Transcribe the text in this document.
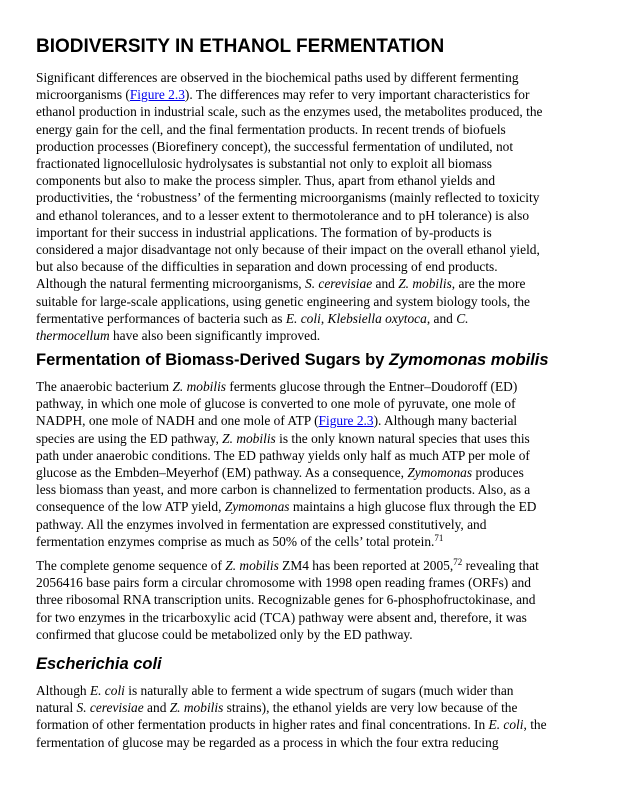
BIODIVERSITY IN ETHANOL FERMENTATION
Significant differences are observed in the biochemical paths used by different fermenting
microorganisms (Figure 2.3). The differences may refer to very important characteristics for
ethanol production in industrial scale, such as the enzymes used, the metabolites produced, the
energy gain for the cell, and the final fermentation products. In recent trends of biofuels
production processes (Biorefinery concept), the successful fermentation of undiluted, not
fractionated lignocellulosic hydrolysates is substantial not only to exploit all biomass
components but also to make the process simpler. Thus, apart from ethanol yields and
productivities, the ‘robustness’ of the fermenting microorganisms (mainly reflected to toxicity
and ethanol tolerances, and to a lesser extent to thermotolerance and to pH tolerance) is also
important for their success in industrial applications. The formation of by-products is
considered a major disadvantage not only because of their impact on the overall ethanol yield,
but also because of the difficulties in separation and down processing of end products.
Although the natural fermenting microorganisms, S. cerevisiae and Z. mobilis, are the more
suitable for large-scale applications, using genetic engineering and system biology tools, the
fermentative performances of bacteria such as E. coli, Klebsiella oxytoca, and C.
thermocellum have also been significantly improved.
Fermentation of Biomass-Derived Sugars by Zymomonas mobilis
The anaerobic bacterium Z. mobilis ferments glucose through the Entner–Doudoroff (ED)
pathway, in which one mole of glucose is converted to one mole of pyruvate, one mole of
NADPH, one mole of NADH and one mole of ATP (Figure 2.3). Although many bacterial
species are using the ED pathway, Z. mobilis is the only known natural species that uses this
path under anaerobic conditions. The ED pathway yields only half as much ATP per mole of
glucose as the Embden–Meyerhof (EM) pathway. As a consequence, Zymomonas produces
less biomass than yeast, and more carbon is channelized to fermentation products. Also, as a
consequence of the low ATP yield, Zymomonas maintains a high glucose flux through the ED
pathway. All the enzymes involved in fermentation are expressed constitutively, and
fermentation enzymes comprise as much as 50% of the cells’ total protein.$^{71}$
The complete genome sequence of Z. mobilis ZM4 has been reported at 2005,72 revealing that
2056416 base pairs form a circular chromosome with 1998 open reading frames (ORFs) and
three ribosomal RNA transcription units. Recognizable genes for 6-phosphofructokinase, and
for two enzymes in the tricarboxylic acid (TCA) pathway were absent and, therefore, it was
confirmed that glucose could be metabolized only by the ED pathway.
Escherichia coli
Although E. coli is naturally able to ferment a wide spectrum of sugars (much wider than
natural S. cerevisiae and Z. mobilis strains), the ethanol yields are very low because of the
formation of other fermentation products in higher rates and final concentrations. In E. coli, the
fermentation of glucose may be regarded as a process in which the four extra reducing
